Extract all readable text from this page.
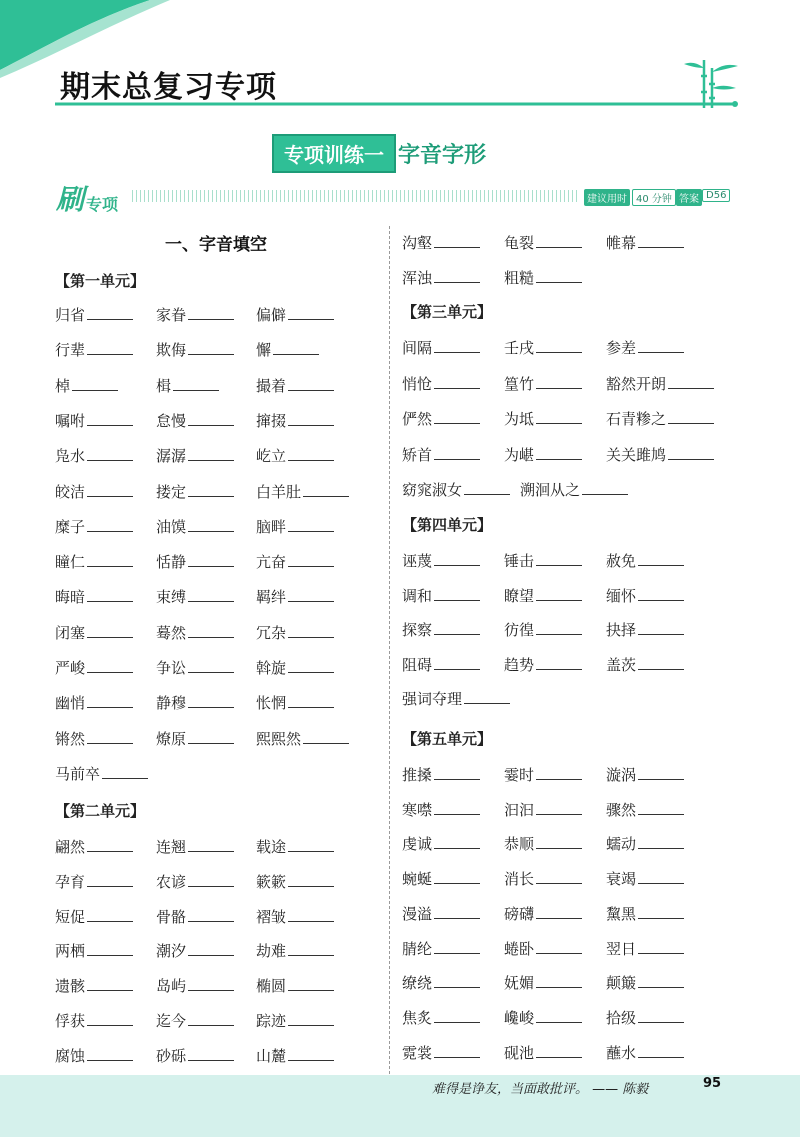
期末总复习专项
专项训练一 字音字形
刷 专项	建议用时 40 分钟 答案 D56
一、字音填空
【第一单元】
归省	家眷	偏僻
行辈	欺侮	懈
棹	楫	撮着
嘱咐	怠慢	撺掇
凫水	潺潺	屹立
皎洁	搂定	白羊肚
糜子	油馍	脑畔
瞳仁	恬静	亢奋
晦暗	束缚	羁绊
闭塞	蓦然	冗杂
严峻	争讼	斡旋
幽悄	静穆	怅惘
锵然	燎原	熙熙然
马前卒
【第二单元】
翩然	连翘	载途
孕育	农谚	簌簌
短促	骨骼	褶皱
两栖	潮汐	劫难
遗骸	岛屿	椭圆
俘获	迄今	踪迹
腐蚀	砂砾	山麓
沟壑	龟裂	帷幕
浑浊	粗糙
【第三单元】
间隔	壬戌	参差
悄怆	篁竹	豁然开朗
俨然	为坻	石青糁之
矫首	为嵁	关关雎鸠
窈窕淑女	溯洄从之
【第四单元】
诬蔑	锤击	赦免
调和	瞭望	缅怀
探察	彷徨	抉择
阻碍	趋势	盖茨
强词夺理
【第五单元】
推搡	霎时	漩涡
寒噤	汩汩	骤然
虔诚	恭顺	蠕动
蜿蜒	消长	衰竭
漫溢	磅礴	黧黑
腈纶	蜷卧	翌日
缭绕	妩媚	颠簸
焦炙	巉峻	拾级
霓裳	砚池	蘸水
难得是诤友，当面敢批评。 —— 陈毅	95
